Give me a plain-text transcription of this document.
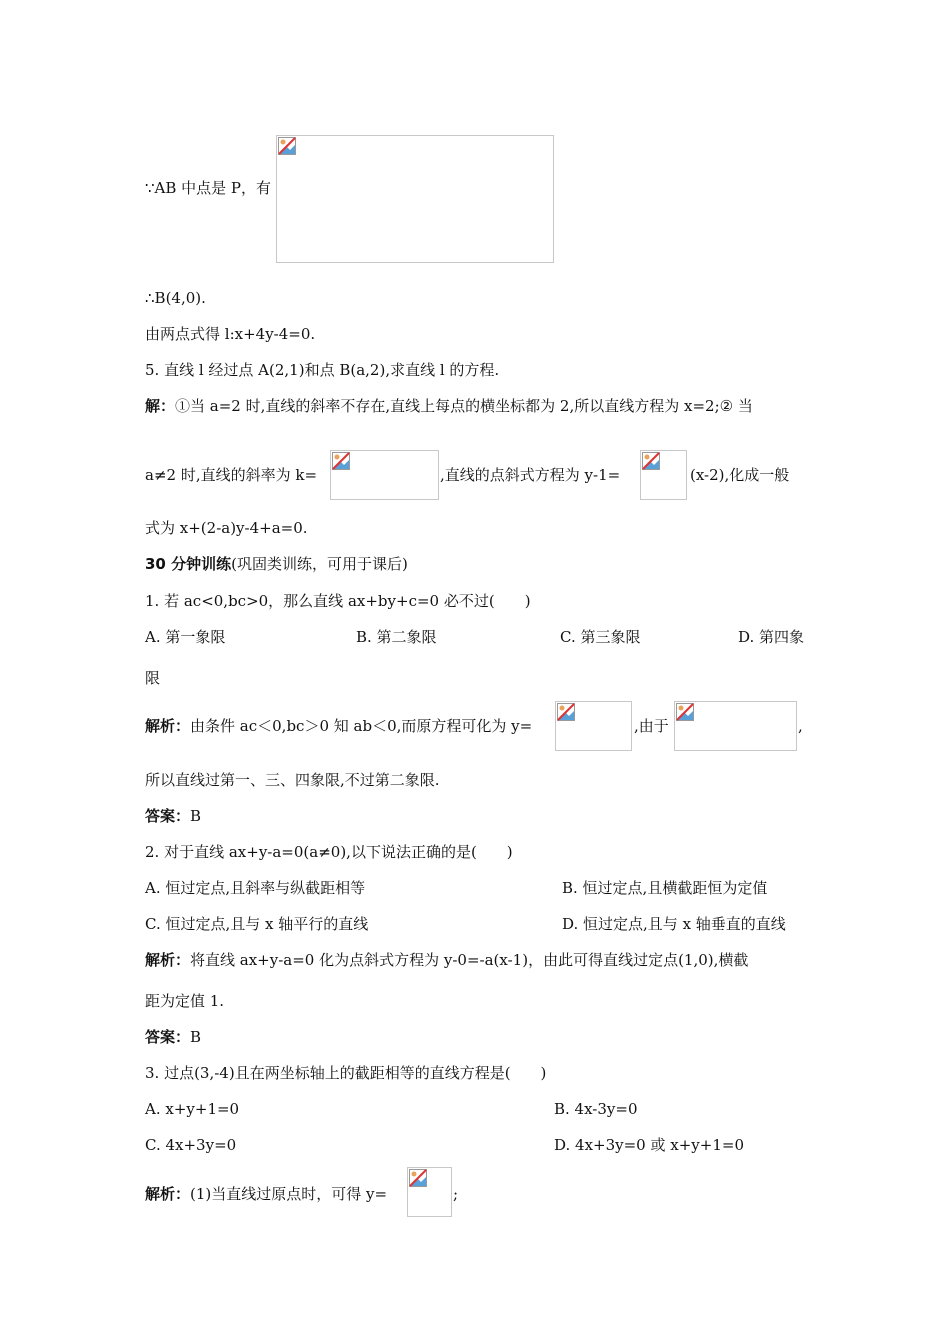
∵AB 中点是 P，有
∴B(4,0).
由两点式得 l:x+4y-4=0.
5. 直线 l 经过点 A(2,1)和点 B(a,2),求直线 l 的方程.
解：①当 a=2 时,直线的斜率不存在,直线上每点的横坐标都为 2,所以直线方程为 x=2;② 当
a≠2 时,直线的斜率为 k=	,直线的点斜式方程为 y-1=	(x-2),化成一般
式为 x+(2-a)y-4+a=0.
30 分钟训练(巩固类训练，可用于课后)
1. 若 ac<0,bc>0，那么直线 ax+by+c=0 必不过(　　)
A. 第一象限	B. 第二象限	C. 第三象限	D. 第四象
限
解析：由条件 ac＜0,bc＞0 知 ab＜0,而原方程可化为 y=	,由于	,
所以直线过第一、三、四象限,不过第二象限.
答案：B
2. 对于直线 ax+y-a=0(a≠0),以下说法正确的是(　　)
A. 恒过定点,且斜率与纵截距相等	B. 恒过定点,且横截距恒为定值
C. 恒过定点,且与 x 轴平行的直线	D. 恒过定点,且与 x 轴垂直的直线
解析：将直线 ax+y-a=0 化为点斜式方程为 y-0=-a(x-1)，由此可得直线过定点(1,0),横截
距为定值 1.
答案：B
3. 过点(3,-4)且在两坐标轴上的截距相等的直线方程是(　　)
A. x+y+1=0	B. 4x-3y=0
C. 4x+3y=0	D. 4x+3y=0 或 x+y+1=0
解析：(1)当直线过原点时，可得 y=	;
